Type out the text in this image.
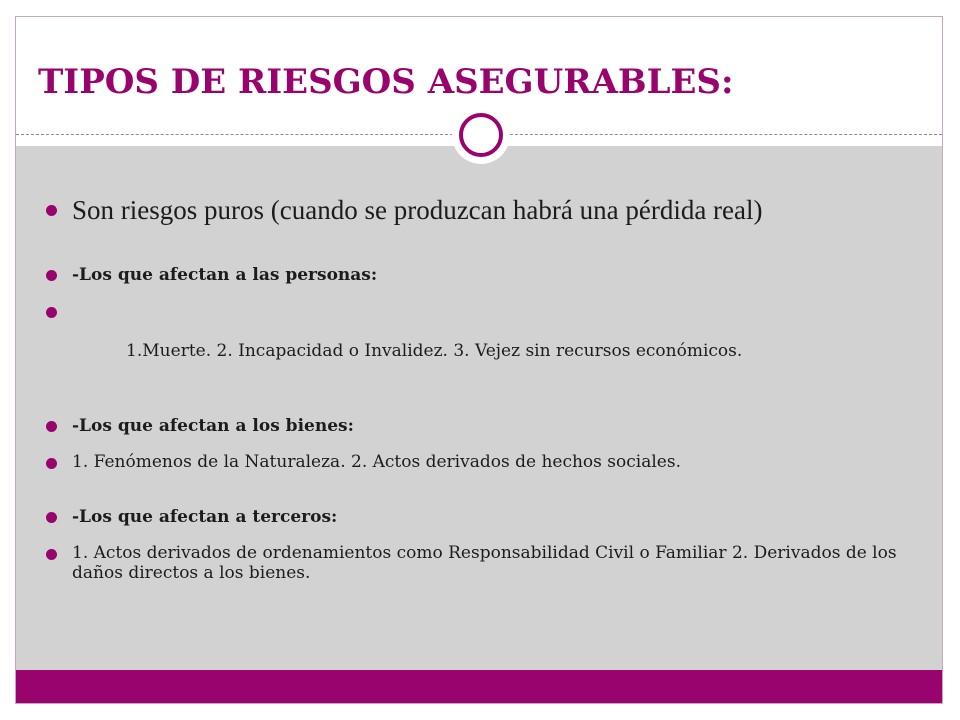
TIPOS DE RIESGOS ASEGURABLES:
Son riesgos puros (cuando se produzcan habrá una pérdida real)
-Los que afectan a las personas:

1.Muerte. 2. Incapacidad o Invalidez. 3. Vejez sin recursos económicos.

-Los que afectan a los bienes:
1. Fenómenos de la Naturaleza. 2. Actos derivados de hechos sociales.
-Los que afectan a terceros:
1. Actos derivados de ordenamientos como Responsabilidad Civil o Familiar 2. Derivados de los daños directos a los bienes.
